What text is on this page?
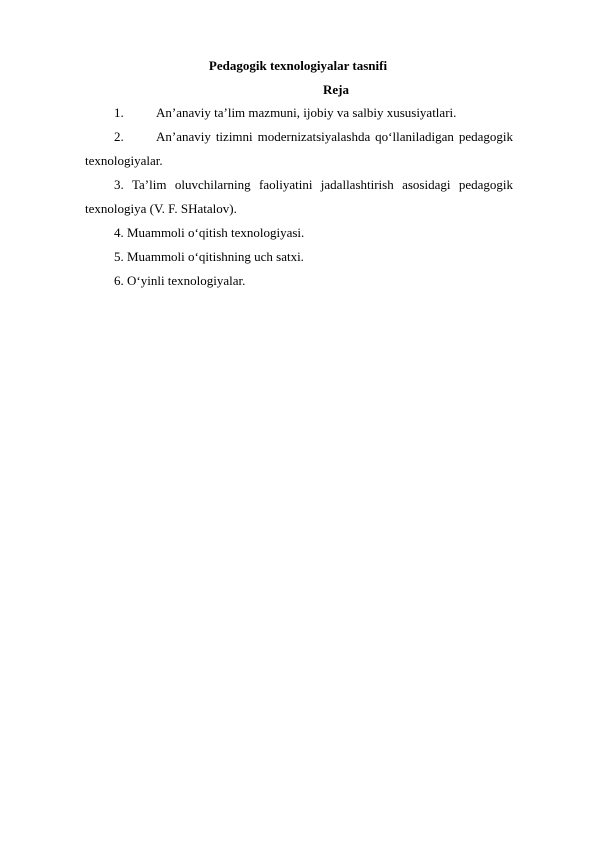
Pedagogik texnologiyalar tasnifi
Reja
1. An’anaviy ta’lim mazmuni, ijobiy va salbiy xususiyatlari.
2. An’anaviy tizimni modernizatsiyalashda qo‘llaniladigan pedagogik
texnologiyalar.
3. Ta’lim oluvchilarning faoliyatini jadallashtirish asosidagi pedagogik
texnologiya (V. F. SHatalov).
4. Muammoli o‘qitish texnologiyasi.
5. Muammoli o‘qitishning uch satxi.
6. O‘yinli texnologiyalar.
